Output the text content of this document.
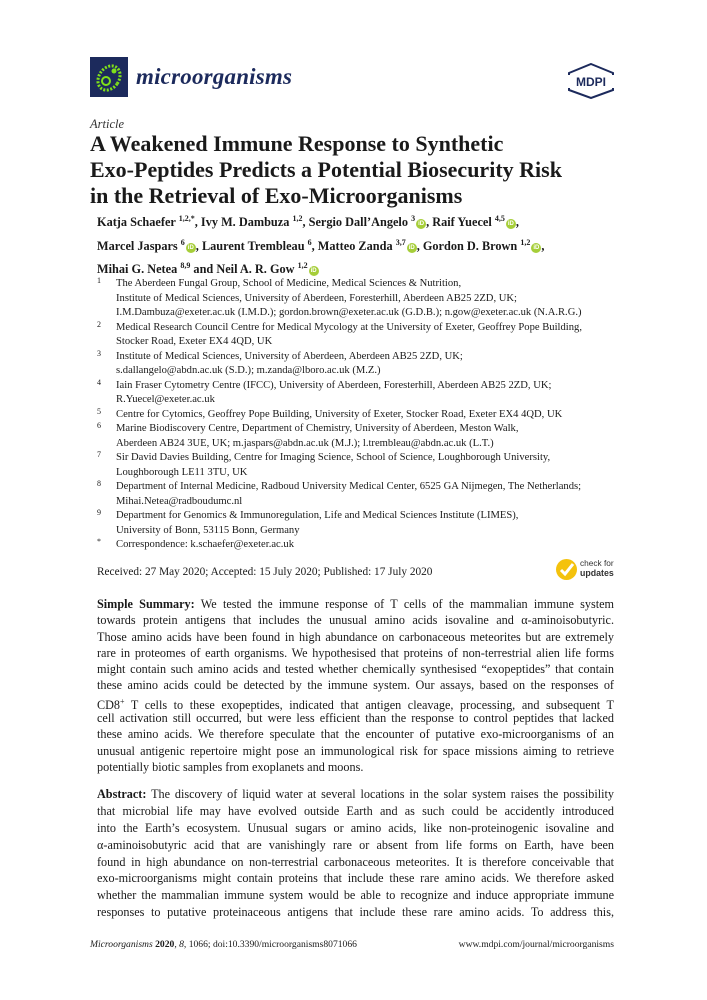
microorganisms	MDPI
Article
A Weakened Immune Response to Synthetic
Exo-Peptides Predicts a Potential Biosecurity Risk
in the Retrieval of Exo-Microorganisms
Katja Schaefer $^{1,2,*}$, Ivy M. Dambuza $^{1,2}$, Sergio Dall’Angelo $^3$iD , Raif Yuecel $^{4,5}$iD ,
Marcel Jaspars $^6$iD , Laurent Trembleau $^6$, Matteo Zanda $^{3,7}$iD , Gordon D. Brown $^{1,2}$iD ,
Mihai G. Netea $^{8,9}$ and Neil A. R. Gow $^{1,2}$iD
1 The Aberdeen Fungal Group, School of Medicine, Medical Sciences & Nutrition,
Institute of Medical Sciences, University of Aberdeen, Foresterhill, Aberdeen AB25 2ZD, UK;
I.M.Dambuza@exeter.ac.uk (I.M.D.); gordon.brown@exeter.ac.uk (G.D.B.); n.gow@exeter.ac.uk (N.A.R.G.)
2 Medical Research Council Centre for Medical Mycology at the University of Exeter, Geoffrey Pope Building,
Stocker Road, Exeter EX4 4QD, UK
3 Institute of Medical Sciences, University of Aberdeen, Aberdeen AB25 2ZD, UK;
s.dallangelo@abdn.ac.uk (S.D.); m.zanda@lboro.ac.uk (M.Z.)
4 Iain Fraser Cytometry Centre (IFCC), University of Aberdeen, Foresterhill, Aberdeen AB25 2ZD, UK;
R.Yuecel@exeter.ac.uk
5 Centre for Cytomics, Geoffrey Pope Building, University of Exeter, Stocker Road, Exeter EX4 4QD, UK
6 Marine Biodiscovery Centre, Department of Chemistry, University of Aberdeen, Meston Walk,
Aberdeen AB24 3UE, UK; m.jaspars@abdn.ac.uk (M.J.); l.trembleau@abdn.ac.uk (L.T.)
7 Sir David Davies Building, Centre for Imaging Science, School of Science, Loughborough University,
Loughborough LE11 3TU, UK
8 Department of Internal Medicine, Radboud University Medical Center, 6525 GA Nijmegen, The Netherlands;
Mihai.Netea@radboudumc.nl
9 Department for Genomics & Immunoregulation, Life and Medical Sciences Institute (LIMES),
University of Bonn, 53115 Bonn, Germany
* Correspondence: k.schaefer@exeter.ac.uk
Received: 27 May 2020; Accepted: 15 July 2020; Published: 17 July 2020
check for
updates
Simple Summary: We tested the immune response of T cells of the mammalian immune system
towards protein antigens that includes the unusual amino acids isovaline and α-aminoisobutyric.
Those amino acids have been found in high abundance on carbonaceous meteorites but are extremely
rare in proteomes of earth organisms. We hypothesised that proteins of non-terrestrial alien life forms
might contain such amino acids and tested whether chemically synthesised “exopeptides” that contain
these amino acids could be detected by the immune system. Our assays, based on the responses of
CD8+ T cells to these exopeptides, indicated that antigen cleavage, processing, and subsequent T
cell activation still occurred, but were less efficient than the response to control peptides that lacked
these amino acids. We therefore speculate that the encounter of putative exo-microorganisms of an
unusual antigenic repertoire might pose an immunological risk for space missions aiming to retrieve
potentially biotic samples from exoplanets and moons.
Abstract: The discovery of liquid water at several locations in the solar system raises the possibility
that microbial life may have evolved outside Earth and as such could be accidently introduced
into the Earth’s ecosystem. Unusual sugars or amino acids, like non-proteinogenic isovaline and
α-aminoisobutyric acid that are vanishingly rare or absent from life forms on Earth, have been
found in high abundance on non-terrestrial carbonaceous meteorites. It is therefore conceivable that
exo-microorganisms might contain proteins that include these rare amino acids. We therefore asked
whether the mammalian immune system would be able to recognize and induce appropriate immune
responses to putative proteinaceous antigens that include these rare amino acids. To address this,
Microorganisms 2020, 8, 1066; doi:10.3390/microorganisms8071066	www.mdpi.com/journal/microorganisms
